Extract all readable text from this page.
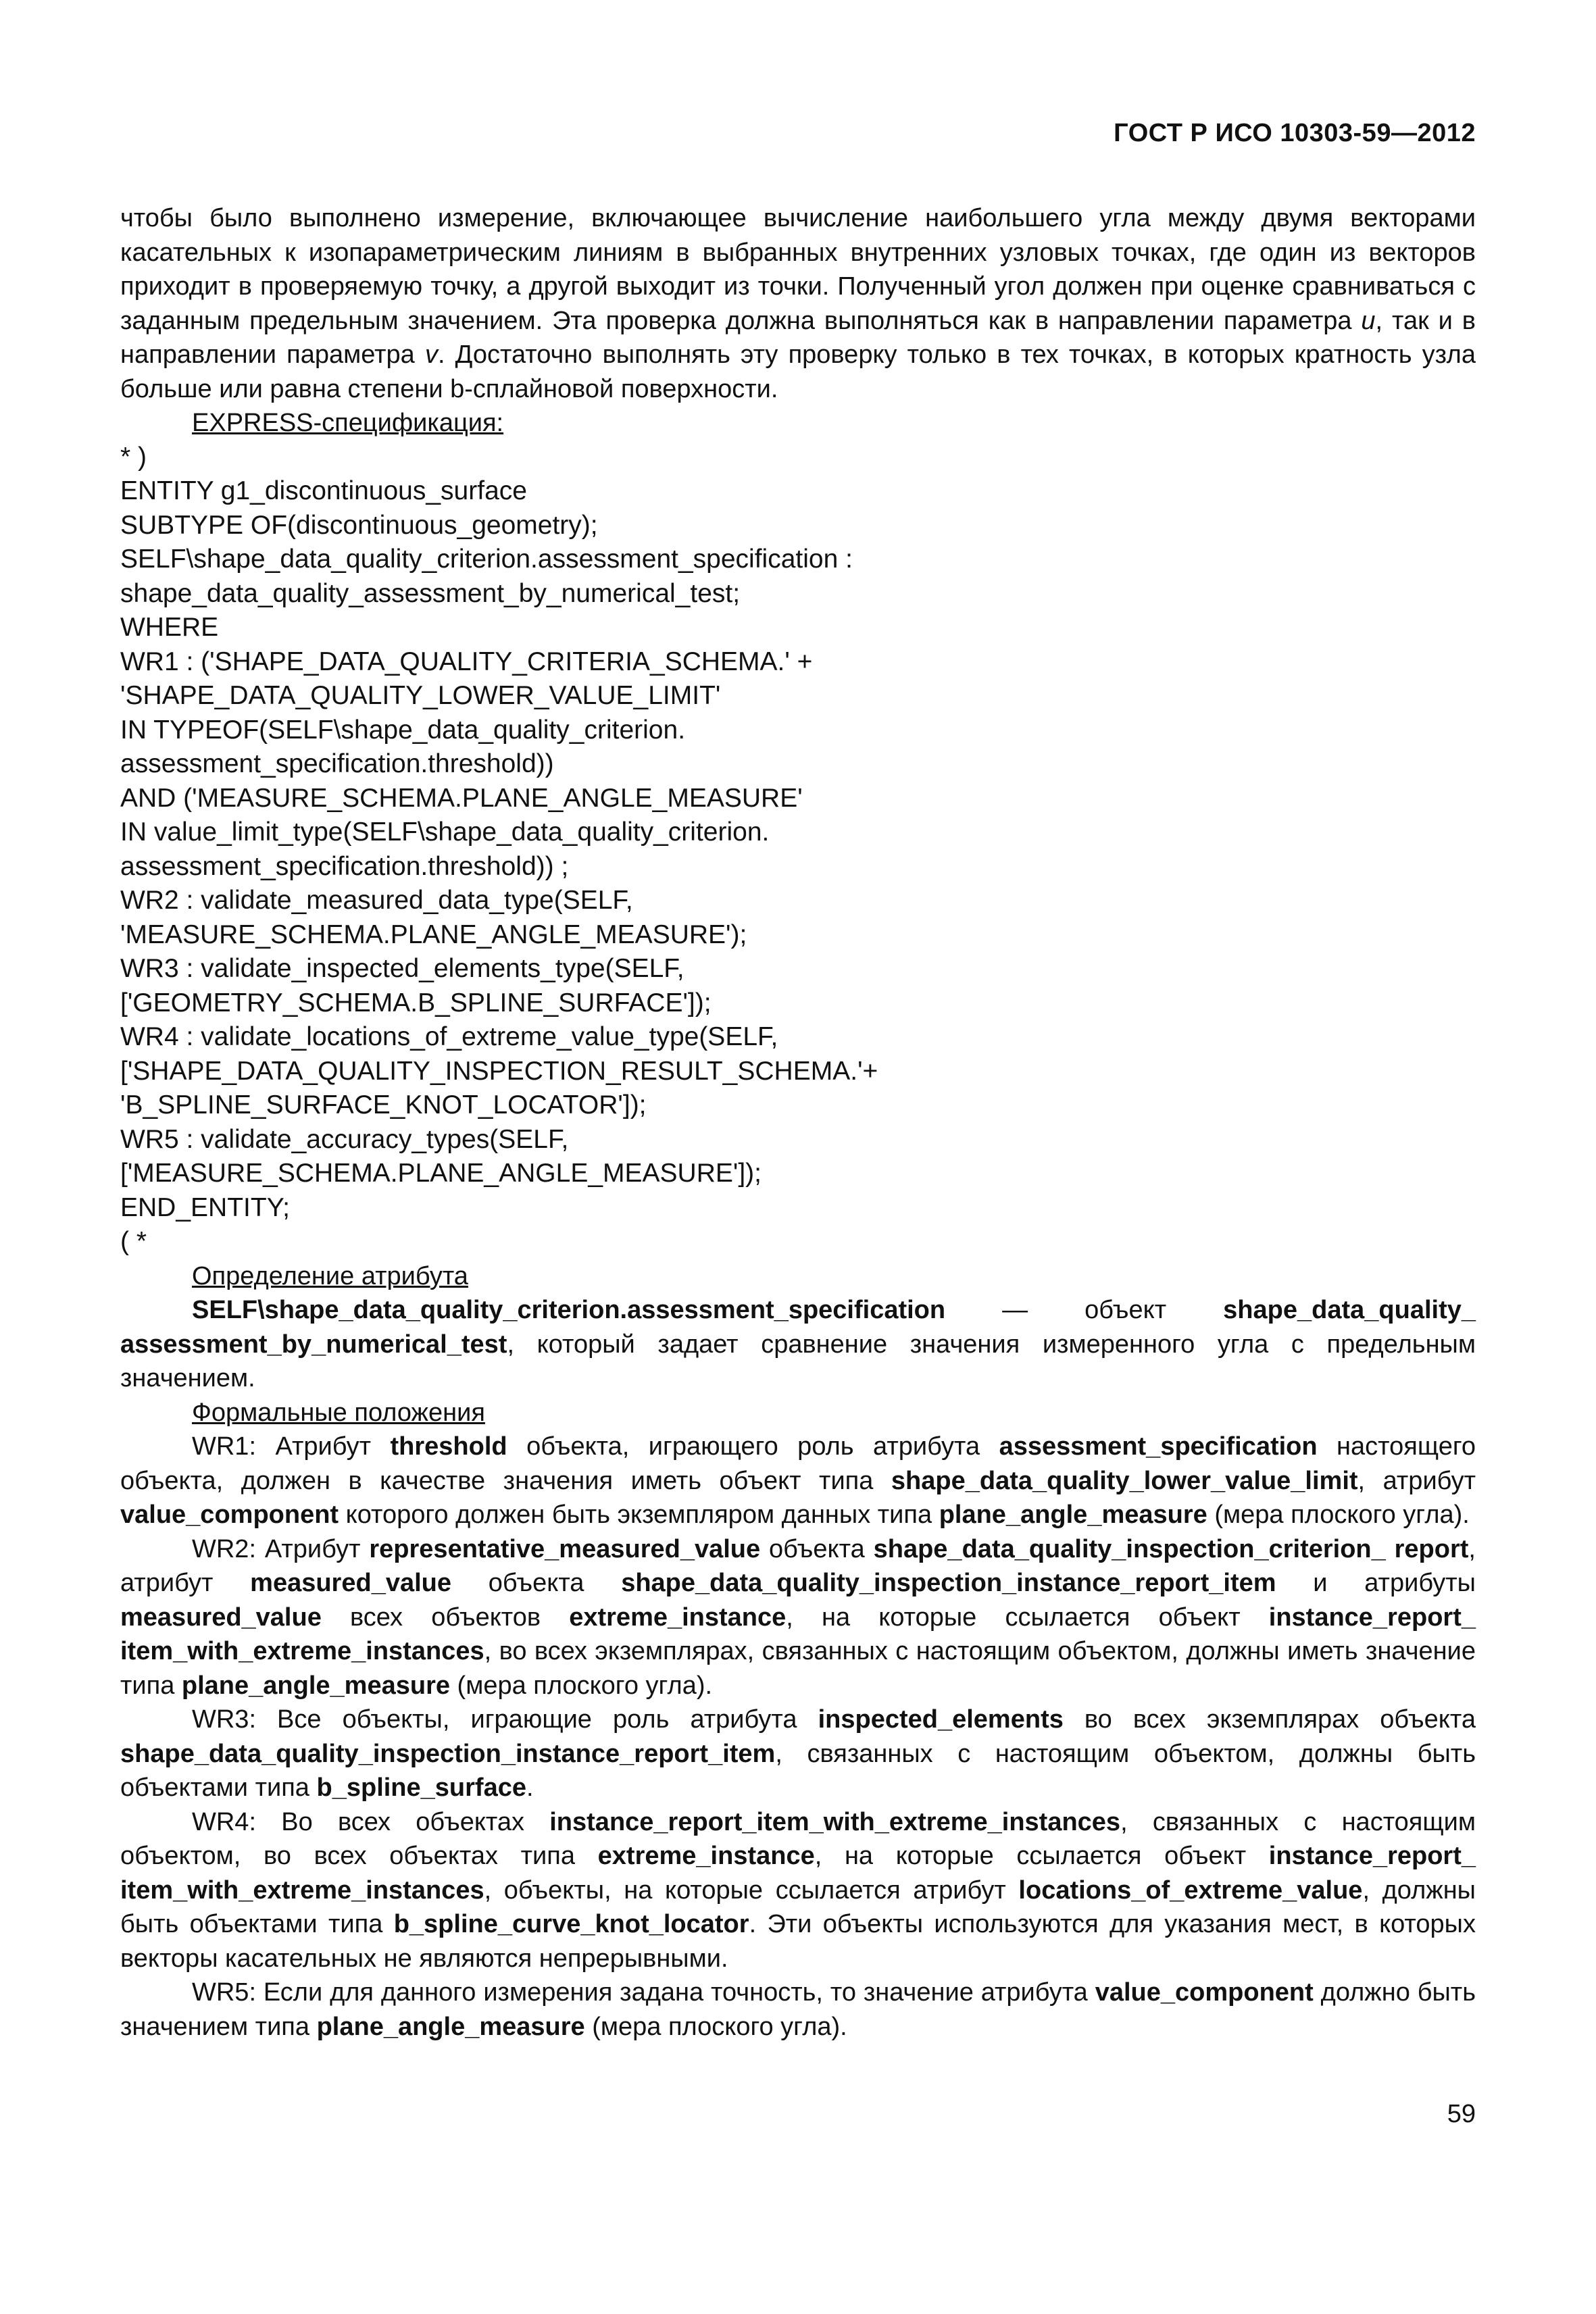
ГОСТ Р ИСО 10303-59—2012

чтобы было выполнено измерение, включающее вычисление наибольшего угла между двумя векторами касательных к изопараметрическим линиям в выбранных внутренних узловых точках, где один из векторов приходит в проверяемую точку, а другой выходит из точки. Полученный угол должен при оценке сравниваться с заданным предельным значением. Эта проверка должна выполняться как в направлении параметра u, так и в направлении параметра v. Достаточно выполнять эту проверку только в тех точках, в которых кратность узла больше или равна степени b-сплайновой поверхности.

EXPRESS-спецификация:

* )
ENTITY g1_discontinuous_surface
SUBTYPE OF(discontinuous_geometry);
SELF\shape_data_quality_criterion.assessment_specification :
shape_data_quality_assessment_by_numerical_test;
WHERE
WR1 : ('SHAPE_DATA_QUALITY_CRITERIA_SCHEMA.' +
'SHAPE_DATA_QUALITY_LOWER_VALUE_LIMIT'
IN TYPEOF(SELF\shape_data_quality_criterion.
assessment_specification.threshold))
AND ('MEASURE_SCHEMA.PLANE_ANGLE_MEASURE'
IN value_limit_type(SELF\shape_data_quality_criterion.
assessment_specification.threshold)) ;
WR2 : validate_measured_data_type(SELF,
'MEASURE_SCHEMA.PLANE_ANGLE_MEASURE');
WR3 : validate_inspected_elements_type(SELF,
['GEOMETRY_SCHEMA.B_SPLINE_SURFACE']);
WR4 : validate_locations_of_extreme_value_type(SELF,
['SHAPE_DATA_QUALITY_INSPECTION_RESULT_SCHEMA.'+
'B_SPLINE_SURFACE_KNOT_LOCATOR']);
WR5 : validate_accuracy_types(SELF,
['MEASURE_SCHEMA.PLANE_ANGLE_MEASURE']);
END_ENTITY;
( *

Определение атрибута

SELF\shape_data_quality_criterion.assessment_specification — объект shape_data_quality_ assessment_by_numerical_test, который задает сравнение значения измеренного угла с предельным значением.

Формальные положения

WR1: Атрибут threshold объекта, играющего роль атрибута assessment_specification настоящего объекта, должен в качестве значения иметь объект типа shape_data_quality_lower_value_limit, атрибут value_component которого должен быть экземпляром данных типа plane_angle_measure (мера плоского угла).

WR2: Атрибут representative_measured_value объекта shape_data_quality_inspection_criterion_ report, атрибут measured_value объекта shape_data_quality_inspection_instance_report_item и атрибуты measured_value всех объектов extreme_instance, на которые ссылается объект instance_report_ item_with_extreme_instances, во всех экземплярах, связанных с настоящим объектом, должны иметь значение типа plane_angle_measure (мера плоского угла).

WR3: Все объекты, играющие роль атрибута inspected_elements во всех экземплярах объекта shape_data_quality_inspection_instance_report_item, связанных с настоящим объектом, должны быть объектами типа b_spline_surface.

WR4: Во всех объектах instance_report_item_with_extreme_instances, связанных с настоящим объектом, во всех объектах типа extreme_instance, на которые ссылается объект instance_report_ item_with_extreme_instances, объекты, на которые ссылается атрибут locations_of_extreme_value, должны быть объектами типа b_spline_curve_knot_locator. Эти объекты используются для указания мест, в которых векторы касательных не являются непрерывными.

WR5: Если для данного измерения задана точность, то значение атрибута value_component должно быть значением типа plane_angle_measure (мера плоского угла).

59
